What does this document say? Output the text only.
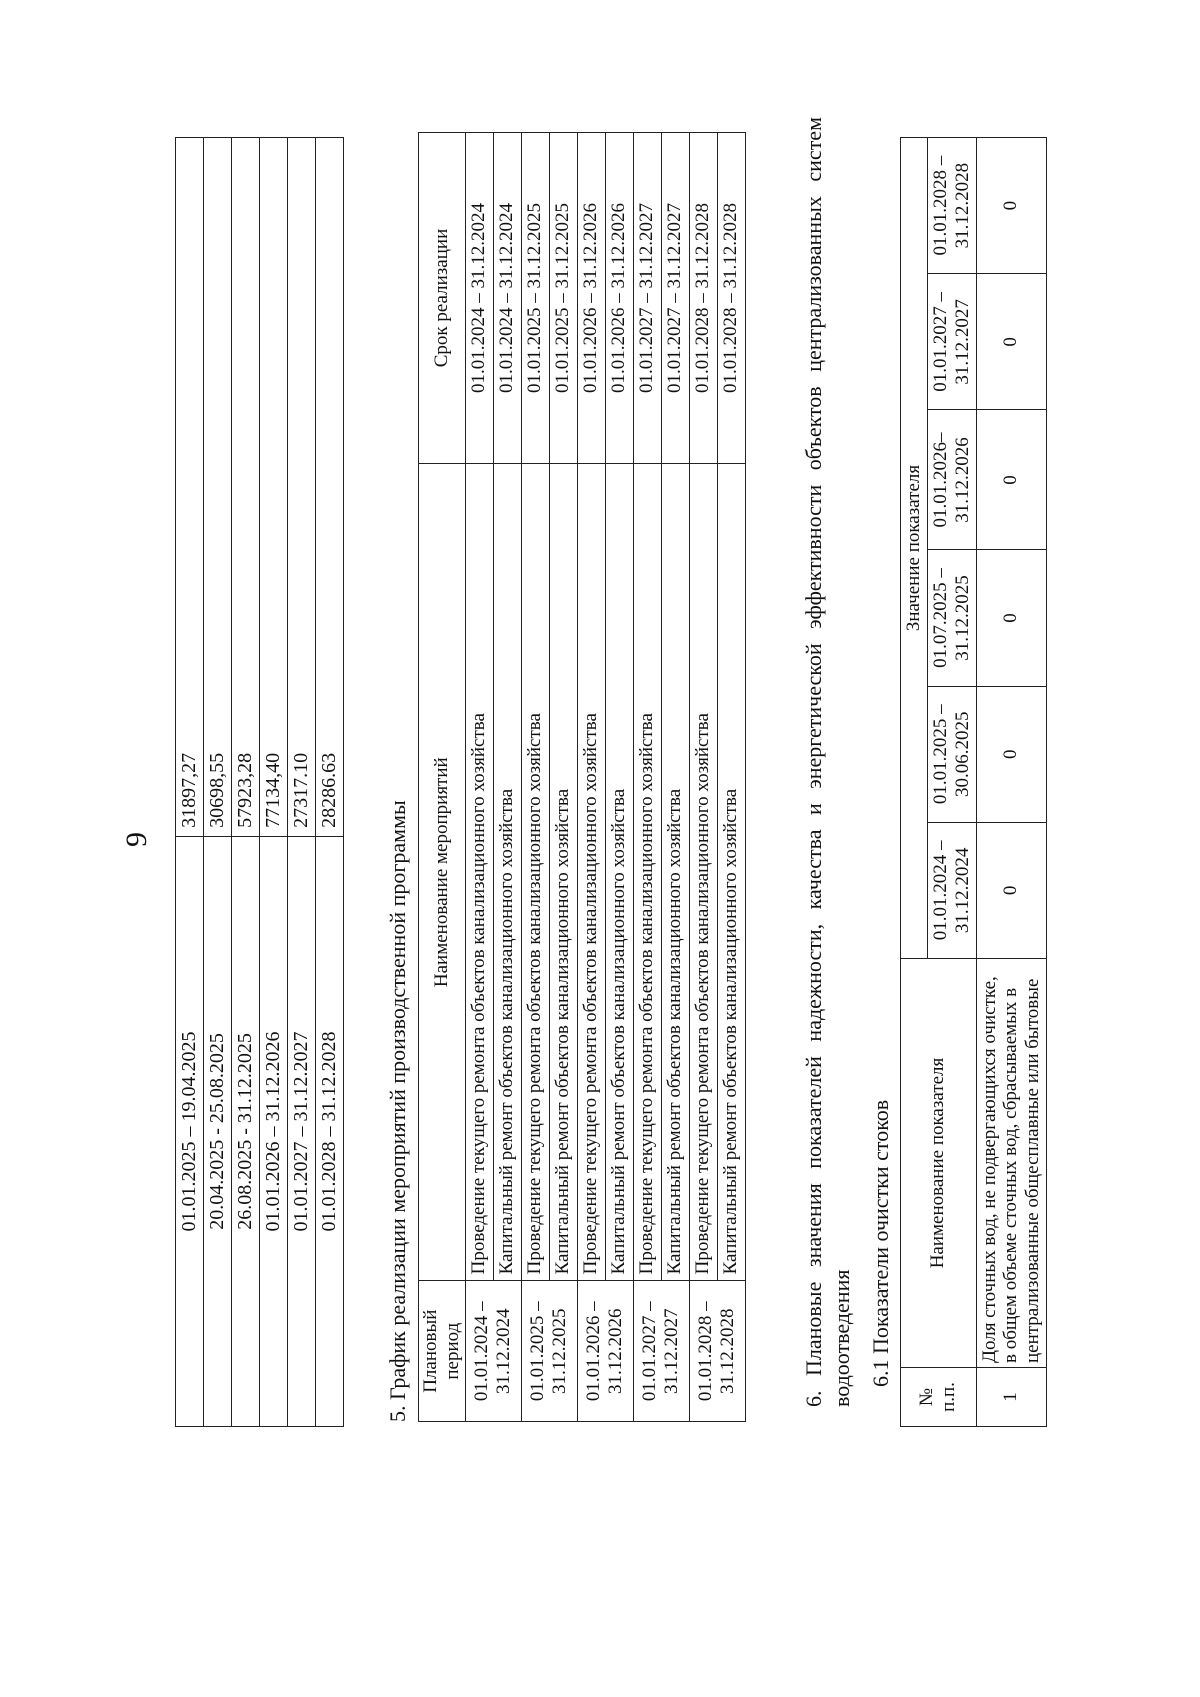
9
01.01.2025 – 19.04.2025	31897,27
20.04.2025 - 25.08.2025	30698,55
26.08.2025 - 31.12.2025	57923,28
01.01.2026 – 31.12.2026	77134,40
01.01.2027 – 31.12.2027	27317.10
01.01.2028 – 31.12.2028	28286.63
5. График реализации мероприятий производственной программы Плановый период	Наименование мероприятий	Срок реализации
01.01.2024 – 31.12.2024	Проведение текущего ремонта объектов канализационного хозяйства	01.01.2024 – 31.12.2024
	Капитальный ремонт объектов канализационного хозяйства	01.01.2024 – 31.12.2024
01.01.2025 – 31.12.2025	Проведение текущего ремонта объектов канализационного хозяйства	01.01.2025 – 31.12.2025
	Капитальный ремонт объектов канализационного хозяйства	01.01.2025 – 31.12.2025
01.01.2026 – 31.12.2026	Проведение текущего ремонта объектов канализационного хозяйства	01.01.2026 – 31.12.2026
	Капитальный ремонт объектов канализационного хозяйства	01.01.2026 – 31.12.2026
01.01.2027 – 31.12.2027	Проведение текущего ремонта объектов канализационного хозяйства	01.01.2027 – 31.12.2027
	Капитальный ремонт объектов канализационного хозяйства	01.01.2027 – 31.12.2027
01.01.2028 – 31.12.2028	Проведение текущего ремонта объектов канализационного хозяйства	01.01.2028 – 31.12.2028
	Капитальный ремонт объектов канализационного хозяйства	01.01.2028 – 31.12.2028	6. Плановые значения показателей надежности, качества и энергетической эффективности объектов централизованных систем водоотведения 6.1 Показатели очистки стоков
№ п.п.	Наименование показателя	Значение показателя					
		01.01.2024 – 31.12.2024	01.01.2025 – 30.06.2025	01.07.2025 – 31.12.2025	01.01.2026– 31.12.2026	01.01.2027 – 31.12.2027	01.01.2028 – 31.12.2028
1	Доля сточных вод, не подвергающихся очистке, в общем объеме сточных вод, сбрасываемых в централизованные общесплавные или бытовые	0	0	0	0	0	0
